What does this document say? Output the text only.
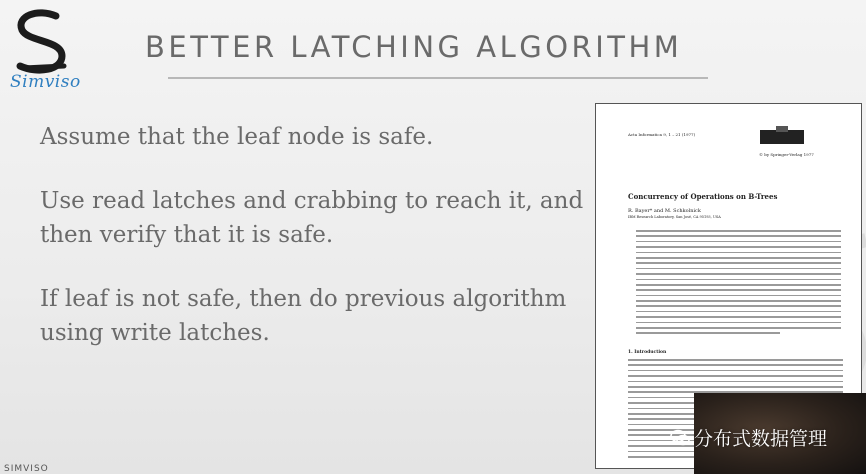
Simviso
BETTER LATCHING ALGORITHM

Assume that the leaf node is safe.

Use read latches and crabbing to reach it, and then verify that it is safe.

If leaf is not safe, then do previous algorithm using write latches.

Acta Informatica 9, 1 – 21 (1977)
© by Springer-Verlag 1977
Concurrency of Operations on B-Trees
R. Bayer* and M. Schkolnick
IBM Research Laboratory, San José, CA 95193, USA
1. Introduction
分布式数据管理
SIMVISO
